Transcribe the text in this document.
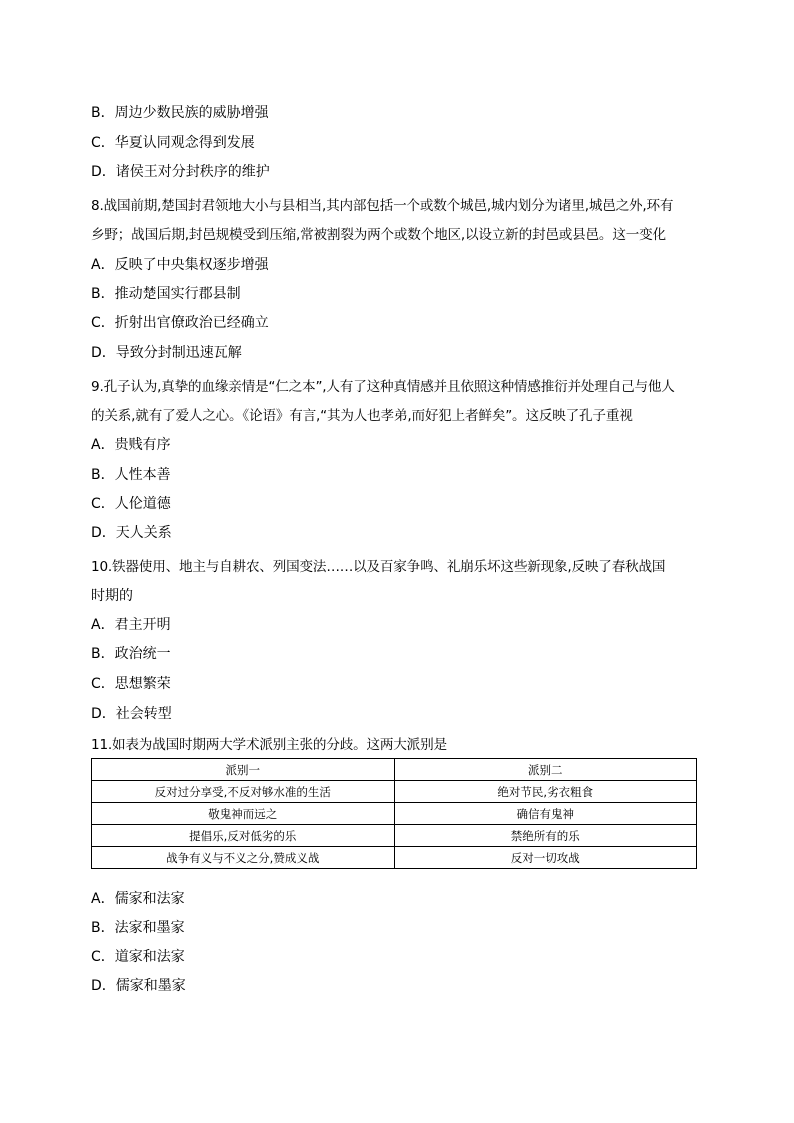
B．周边少数民族的威胁增强
C．华夏认同观念得到发展
D．诸侯王对分封秩序的维护
8.战国前期,楚国封君领地大小与县相当,其内部包括一个或数个城邑,城内划分为诸里,城邑之外,环有
乡野；战国后期,封邑规模受到压缩,常被割裂为两个或数个地区,以设立新的封邑或县邑。这一变化
A．反映了中央集权逐步增强
B．推动楚国实行郡县制
C．折射出官僚政治已经确立
D．导致分封制迅速瓦解
9.孔子认为,真挚的血缘亲情是“仁之本”,人有了这种真情感并且依照这种情感推衍并处理自己与他人
的关系,就有了爱人之心。《论语》有言,“其为人也孝弟,而好犯上者鲜矣”。这反映了孔子重视
A．贵贱有序
B．人性本善
C．人伦道德
D．天人关系
10.铁器使用、地主与自耕农、列国变法……以及百家争鸣、礼崩乐坏这些新现象,反映了春秋战国
时期的
A．君主开明
B．政治统一
C．思想繁荣
D．社会转型
11.如表为战国时期两大学术派别主张的分歧。这两大派别是
派别一	派别二
反对过分享受,不反对够水准的生活	绝对节民,劣衣粗食
敬鬼神而远之	确信有鬼神
提倡乐,反对低劣的乐	禁绝所有的乐
战争有义与不义之分,赞成义战	反对一切攻战
A．儒家和法家
B．法家和墨家
C．道家和法家
D．儒家和墨家
